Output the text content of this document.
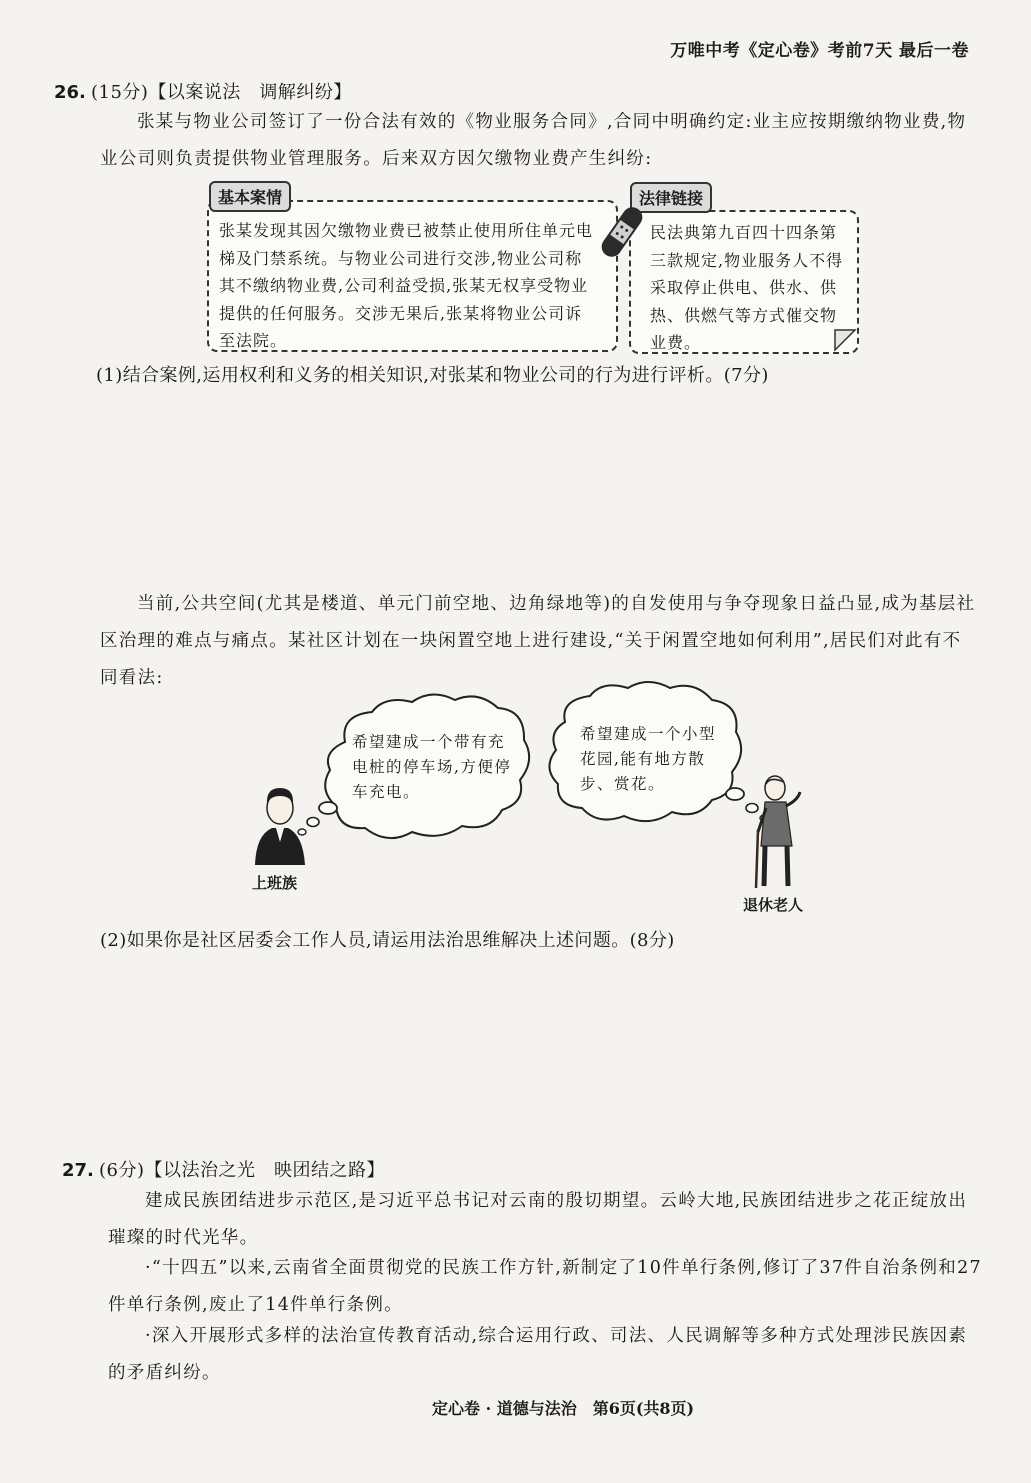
万唯中考《定心卷》考前7天 最后一卷
26. (15分)【以案说法　调解纠纷】
张某与物业公司签订了一份合法有效的《物业服务合同》,合同中明确约定:业主应按期缴纳物业费,物业公司则负责提供物业管理服务。后来双方因欠缴物业费产生纠纷:
基本案情
张某发现其因欠缴物业费已被禁止使用所住单元电梯及门禁系统。与物业公司进行交涉,物业公司称其不缴纳物业费,公司利益受损,张某无权享受物业提供的任何服务。交涉无果后,张某将物业公司诉至法院。
法律链接
民法典第九百四十四条第三款规定,物业服务人不得采取停止供电、供水、供热、供燃气等方式催交物业费。
希望建成一个带有充电桩的停车场,方便停车充电。
希望建成一个小型花园,能有地方散步、赏花。
上班族
退休老人
(1)结合案例,运用权利和义务的相关知识,对张某和物业公司的行为进行评析。(7分)
当前,公共空间(尤其是楼道、单元门前空地、边角绿地等)的自发使用与争夺现象日益凸显,成为基层社区治理的难点与痛点。某社区计划在一块闲置空地上进行建设,“关于闲置空地如何利用”,居民们对此有不同看法:
(2)如果你是社区居委会工作人员,请运用法治思维解决上述问题。(8分)
27. (6分)【以法治之光　映团结之路】
建成民族团结进步示范区,是习近平总书记对云南的殷切期望。云岭大地,民族团结进步之花正绽放出璀璨的时代光华。
·“十四五”以来,云南省全面贯彻党的民族工作方针,新制定了10件单行条例,修订了37件自治条例和27件单行条例,废止了14件单行条例。
·深入开展形式多样的法治宣传教育活动,综合运用行政、司法、人民调解等多种方式处理涉民族因素的矛盾纠纷。
定心卷 · 道德与法治　第6页(共8页)
